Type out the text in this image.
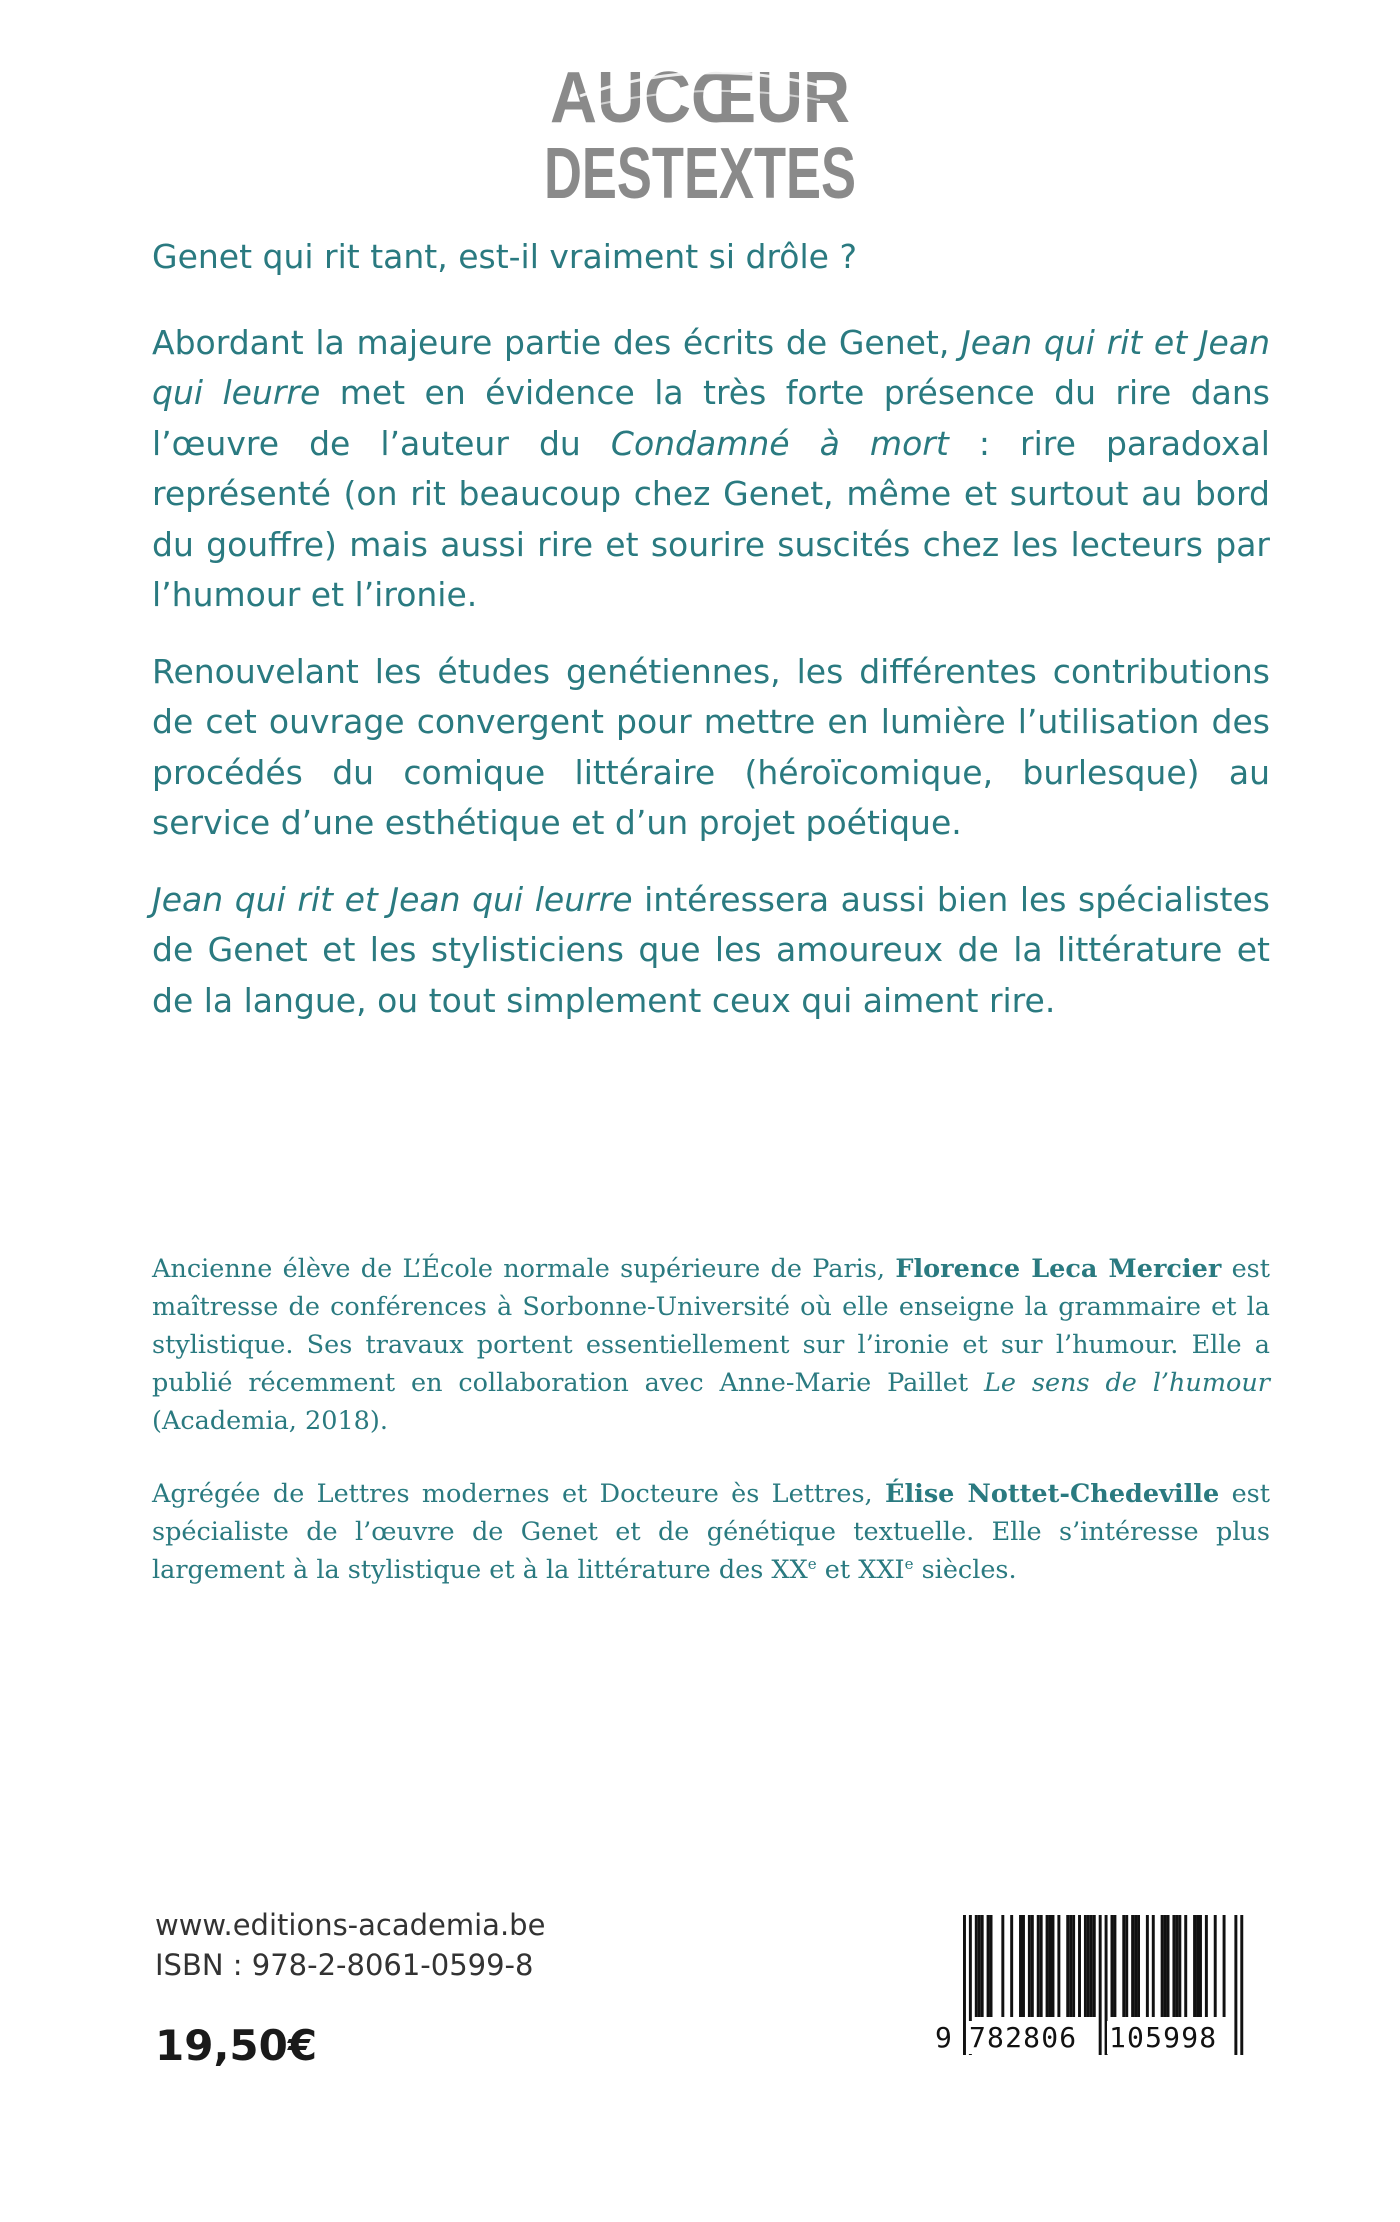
AUCŒUR
DESTEXTES

Genet qui rit tant, est-il vraiment si drôle ?

Abordant la majeure partie des écrits de Genet, Jean qui rit et Jean qui leurre met en évidence la très forte présence du rire dans l’œuvre de l’auteur du Condamné à mort : rire paradoxal représenté (on rit beaucoup chez Genet, même et surtout au bord du gouffre) mais aussi rire et sourire suscités chez les lecteurs par l’humour et l’ironie.

Renouvelant les études genétiennes, les différentes contributions de cet ouvrage convergent pour mettre en lumière l’utilisation des procédés du comique littéraire (héroïcomique, burlesque) au service d’une esthétique et d’un projet poétique.

Jean qui rit et Jean qui leurre intéressera aussi bien les spécialistes de Genet et les stylisticiens que les amoureux de la littérature et de la langue, ou tout simplement ceux qui aiment rire.

Ancienne élève de L’École normale supérieure de Paris, Florence Leca Mercier est maîtresse de conférences à Sorbonne-Université où elle enseigne la grammaire et la stylistique. Ses travaux portent essentiellement sur l’ironie et sur l’humour. Elle a publié récemment en collaboration avec Anne-Marie Paillet Le sens de l’humour (Academia, 2018).

Agrégée de Lettres modernes et Docteure ès Lettres, Élise Nottet-Chedeville est spécialiste de l’œuvre de Genet et de génétique textuelle. Elle s’intéresse plus largement à la stylistique et à la littérature des XXe et XXIe siècles.

www.editions-academia.be
ISBN : 978-2-8061-0599-8
19,50€	9 782806 105998
